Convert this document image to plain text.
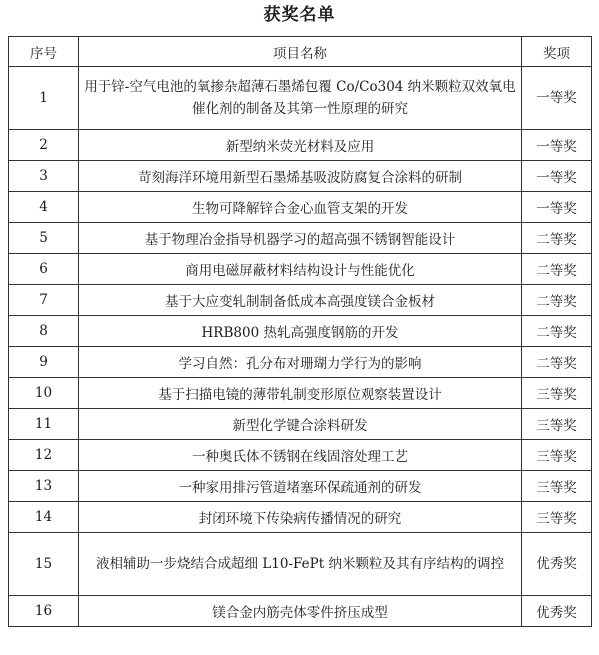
获奖名单
序号	项目名称	奖项
1	用于锌-空气电池的氧掺杂超薄石墨烯包覆 Co/Co304 纳米颗粒双效氧电催化剂的制备及其第一性原理的研究	一等奖
2	新型纳米荧光材料及应用	一等奖
3	苛刻海洋环境用新型石墨烯基吸波防腐复合涂料的研制	一等奖
4	生物可降解锌合金心血管支架的开发	一等奖
5	基于物理冶金指导机器学习的超高强不锈钢智能设计	二等奖
6	商用电磁屏蔽材料结构设计与性能优化	二等奖
7	基于大应变轧制制备低成本高强度镁合金板材	二等奖
8	HRB800 热轧高强度钢筋的开发	二等奖
9	学习自然：孔分布对珊瑚力学行为的影响	二等奖
10	基于扫描电镜的薄带轧制变形原位观察装置设计	三等奖
11	新型化学键合涂料研发	三等奖
12	一种奥氏体不锈钢在线固溶处理工艺	三等奖
13	一种家用排污管道堵塞环保疏通剂的研发	三等奖
14	封闭环境下传染病传播情况的研究	三等奖
15	液相辅助一步烧结合成超细 L10-FePt 纳米颗粒及其有序结构的调控	优秀奖
16	镁合金内筋壳体零件挤压成型	优秀奖
